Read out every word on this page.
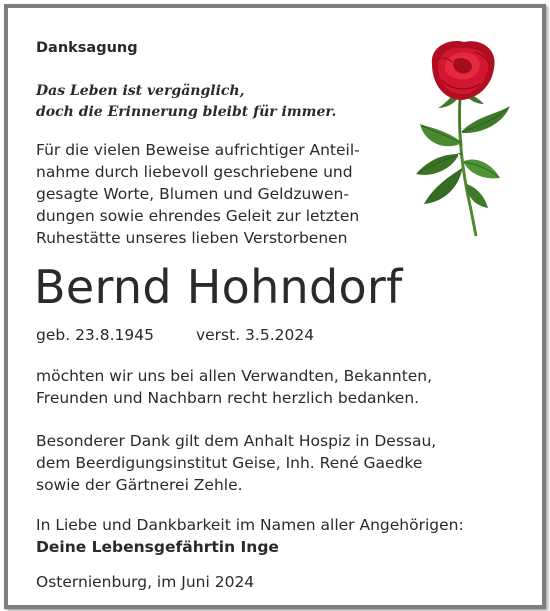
Danksagung
Das Leben ist vergänglich,
doch die Erinnerung bleibt für immer.
Für die vielen Beweise aufrichtiger Anteil-
nahme durch liebevoll geschriebene und
gesagte Worte, Blumen und Geldzuwen-
dungen sowie ehrendes Geleit zur letzten
Ruhestätte unseres lieben Verstorbenen
Bernd Hohndorf
geb. 23.8.1945	verst. 3.5.2024
möchten wir uns bei allen Verwandten, Bekannten,
Freunden und Nachbarn recht herzlich bedanken.
Besonderer Dank gilt dem Anhalt Hospiz in Dessau,
dem Beerdigungsinstitut Geise, Inh. René Gaedke
sowie der Gärtnerei Zehle.
In Liebe und Dankbarkeit im Namen aller Angehörigen:
Deine Lebensgefährtin Inge
Osternienburg, im Juni 2024
